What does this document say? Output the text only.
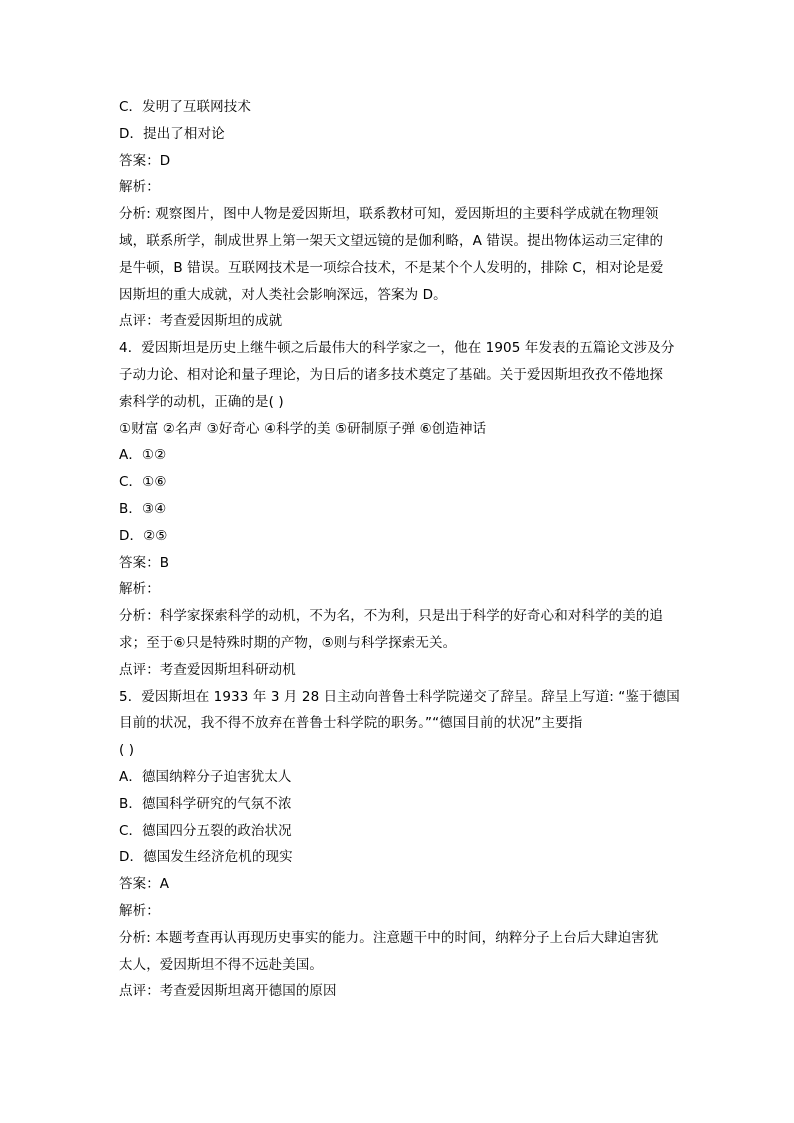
C．发明了互联网技术
D．提出了相对论
答案：D
解析：
分析: 观察图片，图中人物是爱因斯坦，联系教材可知，爱因斯坦的主要科学成就在物理领
域，联系所学，制成世界上第一架天文望远镜的是伽利略，A 错误。提出物体运动三定律的
是牛顿，B 错误。互联网技术是一项综合技术，不是某个个人发明的，排除 C，相对论是爱
因斯坦的重大成就，对人类社会影响深远，答案为 D。
点评：考查爱因斯坦的成就
4．爱因斯坦是历史上继牛顿之后最伟大的科学家之一，他在 1905 年发表的五篇论文涉及分
子动力论、相对论和量子理论，为日后的诸多技术奠定了基础。关于爱因斯坦孜孜不倦地探
索科学的动机，正确的是( )
①财富 ②名声 ③好奇心 ④科学的美 ⑤研制原子弹 ⑥创造神话
A．①②
C．①⑥
B．③④
D．②⑤
答案：B
解析：
分析：科学家探索科学的动机，不为名，不为利，只是出于科学的好奇心和对科学的美的追
求；至于⑥只是特殊时期的产物，⑤则与科学探索无关。
点评：考查爱因斯坦科研动机
5．爱因斯坦在 1933 年 3 月 28 日主动向普鲁士科学院递交了辞呈。辞呈上写道: “鉴于德国
目前的状况，我不得不放弃在普鲁士科学院的职务。”“德国目前的状况”主要指
( )
A．德国纳粹分子迫害犹太人
B．德国科学研究的气氛不浓
C．德国四分五裂的政治状况
D．德国发生经济危机的现实
答案：A
解析：
分析: 本题考查再认再现历史事实的能力。注意题干中的时间，纳粹分子上台后大肆迫害犹
太人，爱因斯坦不得不远赴美国。
点评：考查爱因斯坦离开德国的原因
